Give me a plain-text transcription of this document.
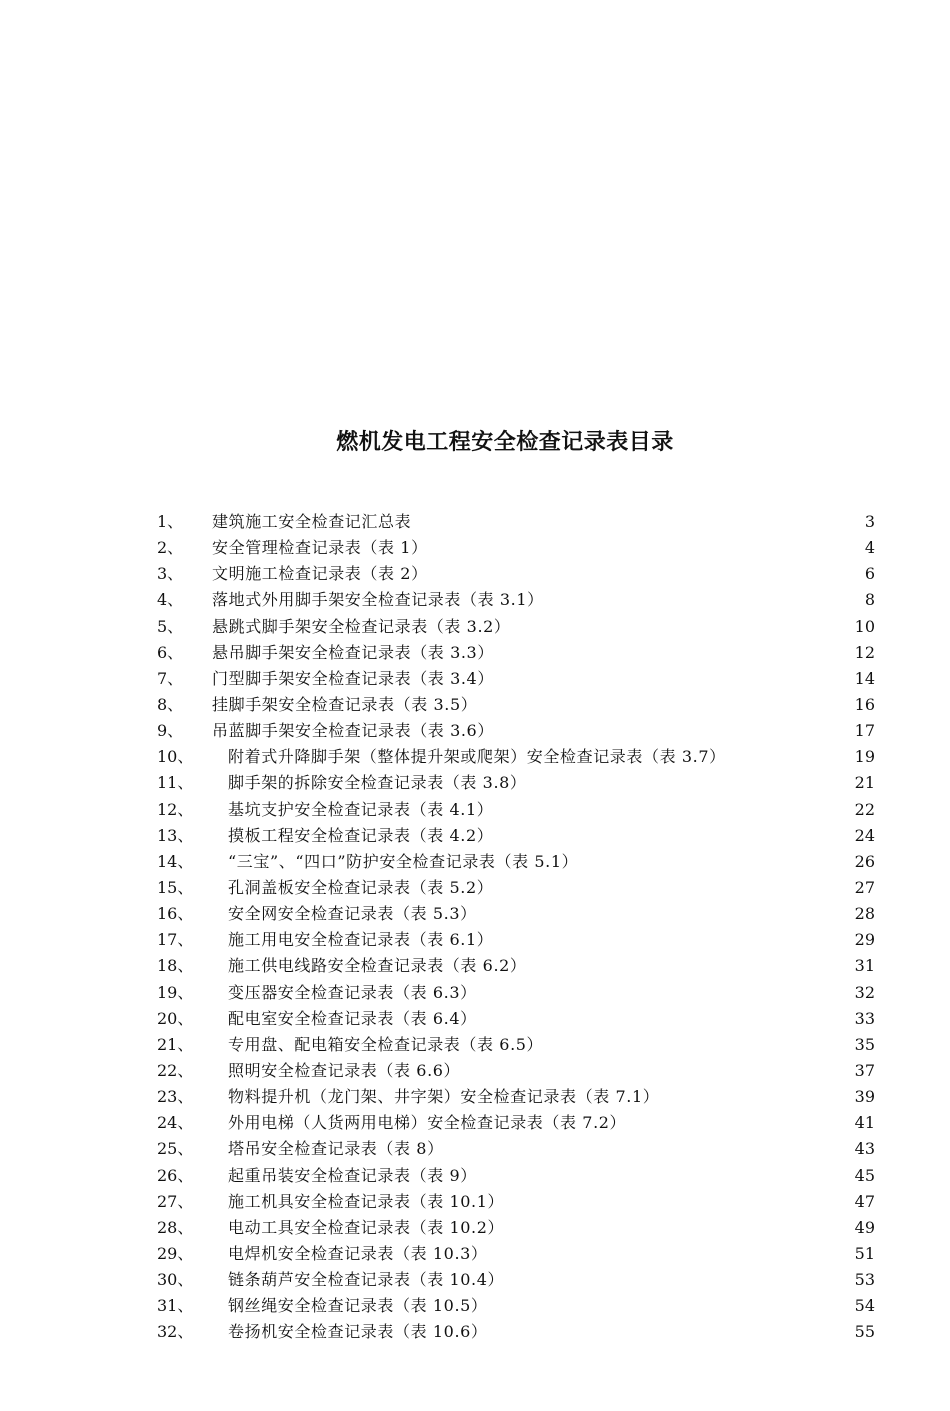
燃机发电工程安全检查记录表目录
1、 建筑施工安全检查记汇总表	3
2、 安全管理检查记录表（表 1）	4
3、 文明施工检查记录表（表 2）	6
4、 落地式外用脚手架安全检查记录表（表 3.1）	8
5、 悬跳式脚手架安全检查记录表（表 3.2）	10
6、 悬吊脚手架安全检查记录表（表 3.3）	12
7、 门型脚手架安全检查记录表（表 3.4）	14
8、 挂脚手架安全检查记录表（表 3.5）	16
9、 吊蓝脚手架安全检查记录表（表 3.6）	17
10、 附着式升降脚手架（整体提升架或爬架）安全检查记录表（表 3.7）	19
11、 脚手架的拆除安全检查记录表（表 3.8）	21
12、 基坑支护安全检查记录表（表 4.1）	22
13、 摸板工程安全检查记录表（表 4.2）	24
14、 “三宝”、“四口”防护安全检查记录表（表 5.1）	26
15、 孔洞盖板安全检查记录表（表 5.2）	27
16、 安全网安全检查记录表（表 5.3）	28
17、 施工用电安全检查记录表（表 6.1）	29
18、 施工供电线路安全检查记录表（表 6.2）	31
19、 变压器安全检查记录表（表 6.3）	32
20、 配电室安全检查记录表（表 6.4）	33
21、 专用盘、配电箱安全检查记录表（表 6.5）	35
22、 照明安全检查记录表（表 6.6）	37
23、 物料提升机（龙门架、井字架）安全检查记录表（表 7.1）	39
24、 外用电梯（人货两用电梯）安全检查记录表（表 7.2）	41
25、 塔吊安全检查记录表（表 8）	43
26、 起重吊装安全检查记录表（表 9）	45
27、 施工机具安全检查记录表（表 10.1）	47
28、 电动工具安全检查记录表（表 10.2）	49
29、 电焊机安全检查记录表（表 10.3）	51
30、 链条葫芦安全检查记录表（表 10.4）	53
31、 钢丝绳安全检查记录表（表 10.5）	54
32、 卷扬机安全检查记录表（表 10.6）	55
